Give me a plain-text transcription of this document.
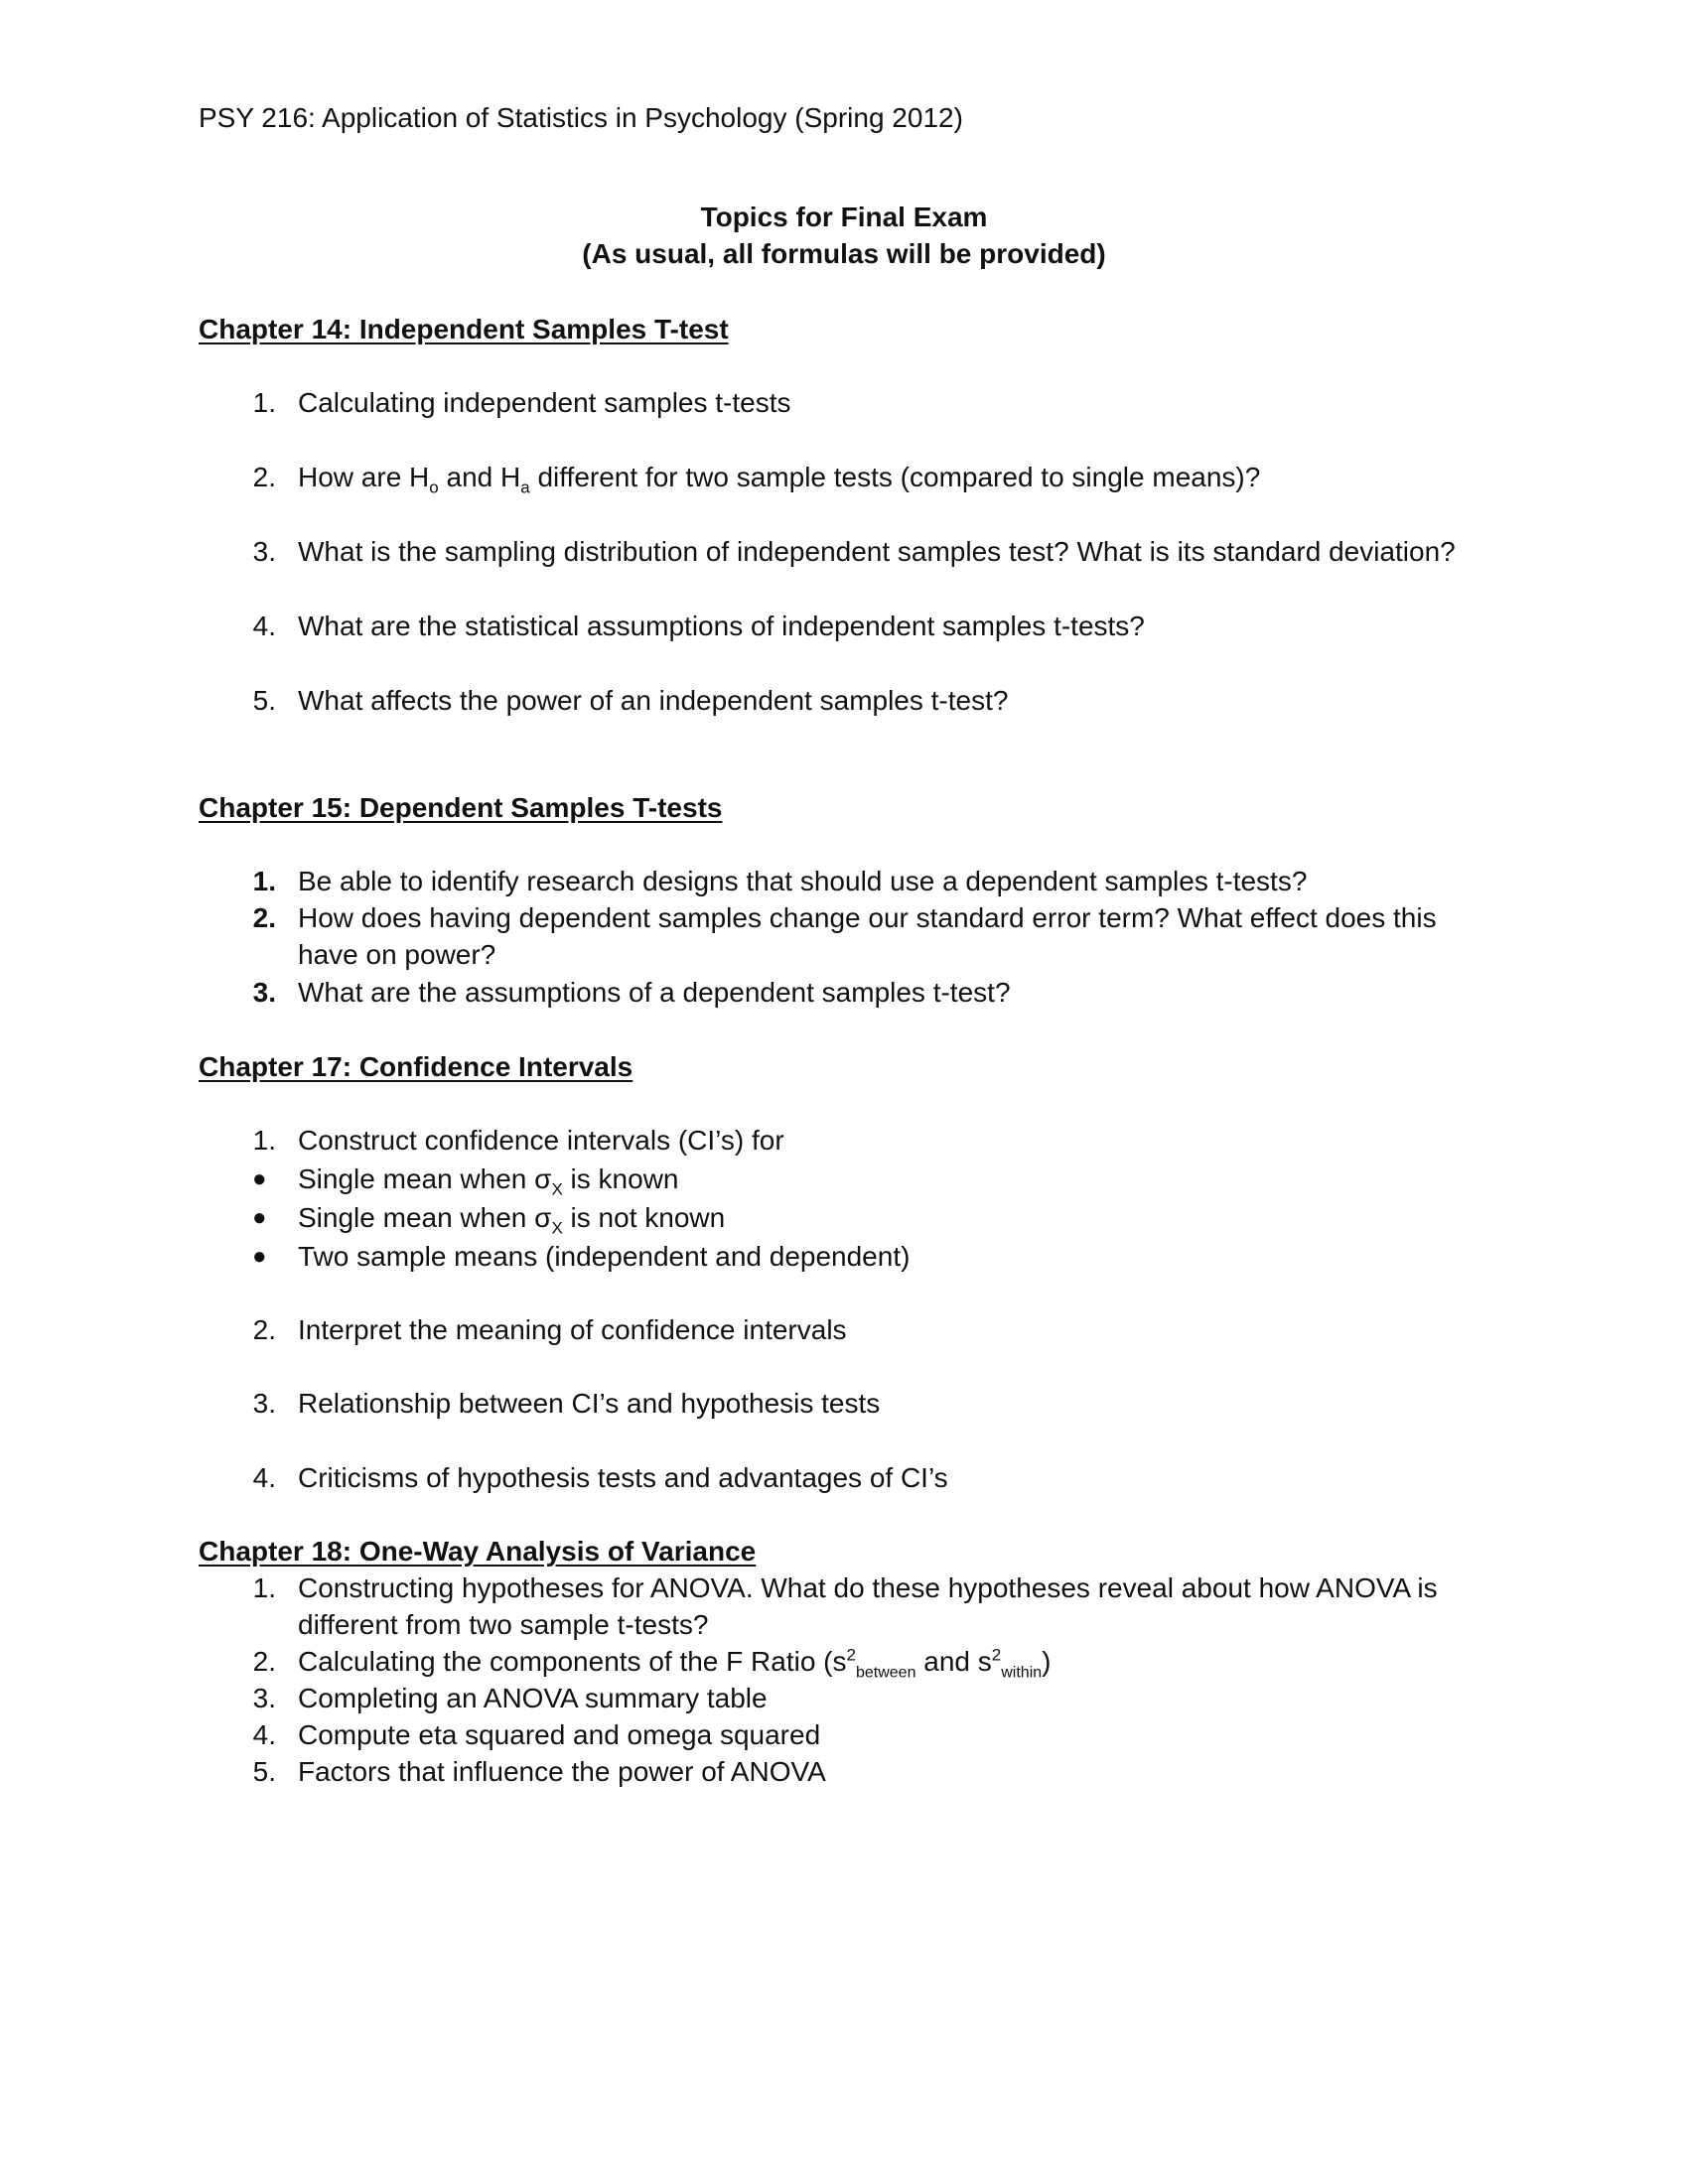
PSY 216: Application of Statistics in Psychology (Spring 2012)
Topics for Final Exam
(As usual, all formulas will be provided)
Chapter 14: Independent Samples T-test
1. Calculating independent samples t-tests
2. How are $H_o$ and $H_a$ different for two sample tests (compared to single means)?
3. What is the sampling distribution of independent samples test? What is its standard deviation?
4. What are the statistical assumptions of independent samples t-tests?
5. What affects the power of an independent samples t-test?
Chapter 15: Dependent Samples T-tests
1. Be able to identify research designs that should use a dependent samples t-tests?
2. How does having dependent samples change our standard error term? What effect does this have on power?
3. What are the assumptions of a dependent samples t-test?
Chapter 17: Confidence Intervals
1. Construct confidence intervals (CI’s) for
● Single mean when $\sigma_X$ is known
● Single mean when $\sigma_X$ is not known
● Two sample means (independent and dependent)
2. Interpret the meaning of confidence intervals
3. Relationship between CI’s and hypothesis tests
4. Criticisms of hypothesis tests and advantages of CI’s
Chapter 18: One-Way Analysis of Variance
1. Constructing hypotheses for ANOVA. What do these hypotheses reveal about how ANOVA is different from two sample t-tests?
2. Calculating the components of the F Ratio ($s^2_{between}$ and $s^2_{within}$)
3. Completing an ANOVA summary table
4. Compute eta squared and omega squared
5. Factors that influence the power of ANOVA
